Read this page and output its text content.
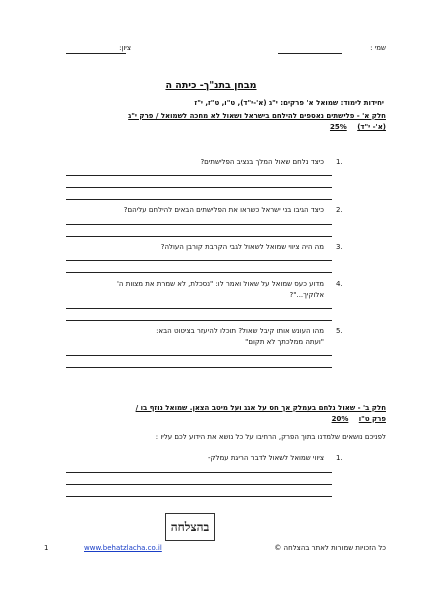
שמי :
ציון:
מבחן בתנ"ך- כיתה ה
יחידות לימוד: שמואל א' פרקים: י"ג (א'-י"ד), ט"ו, ט"ז, י"ז
חלק א' - פלישתים נאספים להילחם בישראל ושאול לא מחכה לשמואל / פרק י"ג
(א'- י"ד) 25%
1.
כיצד נלחם שאול המלך בנציב הפלישתים?
2.
כיצד הגיבו בני ישראל כשראו את הפלישתים הבאים להילחם עליהם?
3.
מה היה ציווי שמואל לשאול לגבי הקרבת קורבן העולה?
4.
מדוע כעס שמואל על שאול ואמר לו: "נסכלת, לא שמרת את מצוות ה'
אלוקיך..."?
5.
מהו העונש אותו קיבל שאול? תוכלו להיעזר בציטוט הבא:
"ועתה ממלכתך לא תקום"
חלק ב' - שאול נלחם בעמלק אך חס על אגג ועל מיטב הצאן. שמואל נוזף בו /
פרק ט"ו 20%
לפניכם נושאים שלמדנו בתוך הפרק, הרחיבו על כל נושא את הידוע לכם עליו :
1.
ציווי שמואל לשאול לדבר הריגת עמלק-
בהצלחה
1	www.behatzlacha.co.il	כל הזכויות שמורות לאתר בהצלחה ©
